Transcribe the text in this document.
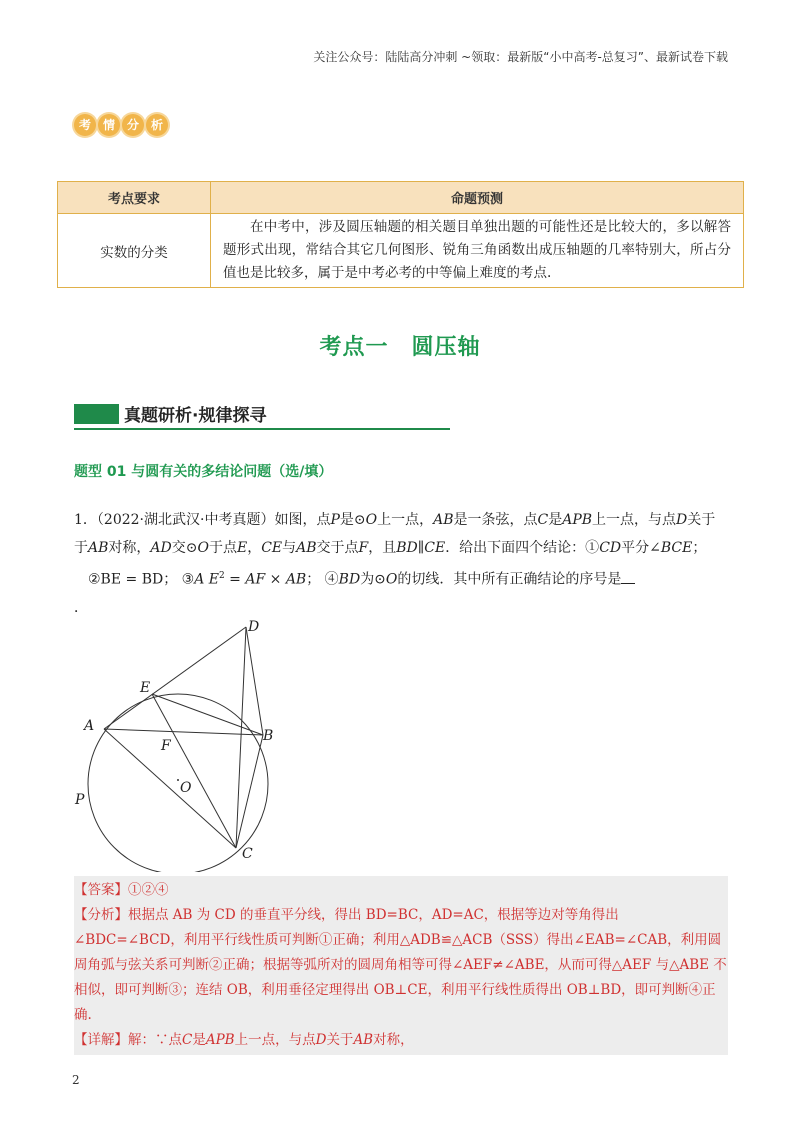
关注公众号：陆陆高分冲刺 ~领取：最新版“小中高考-总复习”、最新试卷下载
考 情 分 析
考点要求	命题预测
实数的分类	在中考中，涉及圆压轴题的相关题目单独出题的可能性还是比较大的，多以解答题形式出现，常结合其它几何图形、锐角三角函数出成压轴题的几率特别大，所占分值也是比较多，属于是中考必考的中等偏上难度的考点.
考点一　圆压轴
真题研析·规律探寻
题型 01 与圆有关的多结论问题（选/填）
1．（2022·湖北武汉·中考真题）如图，点P是⊙O上一点，AB是一条弦，点C是APB上一点，与点D关于
于AB对称，AD交⊙O于点E，CE与AB交于点F，且BD∥CE．给出下面四个结论：①CD平分∠BCE；
②BE = BD； ③A $E^2$ = AF × AB； ④BD为⊙O的切线．其中所有正确结论的序号是
．
D
E
A
B
F
O
P
C

【答案】①②④

【分析】根据点 AB 为 CD 的垂直平分线，得出 BD=BC，AD=AC，根据等边对等角得出∠BDC=∠BCD，利用平行线性质可判断①正确；利用△ADB≌△ACB（SSS）得出∠EAB=∠CAB，利用圆周角弧与弦关系可判断②正确；根据等弧所对的圆周角相等可得∠AEF≠∠ABE，从而可得△AEF 与△ABE 不相似，即可判断③；连结 OB，利用垂径定理得出 OB⊥CE，利用平行线性质得出 OB⊥BD，即可判断④正确.

【详解】解：∵点C是APB上一点，与点D关于AB对称，

2
